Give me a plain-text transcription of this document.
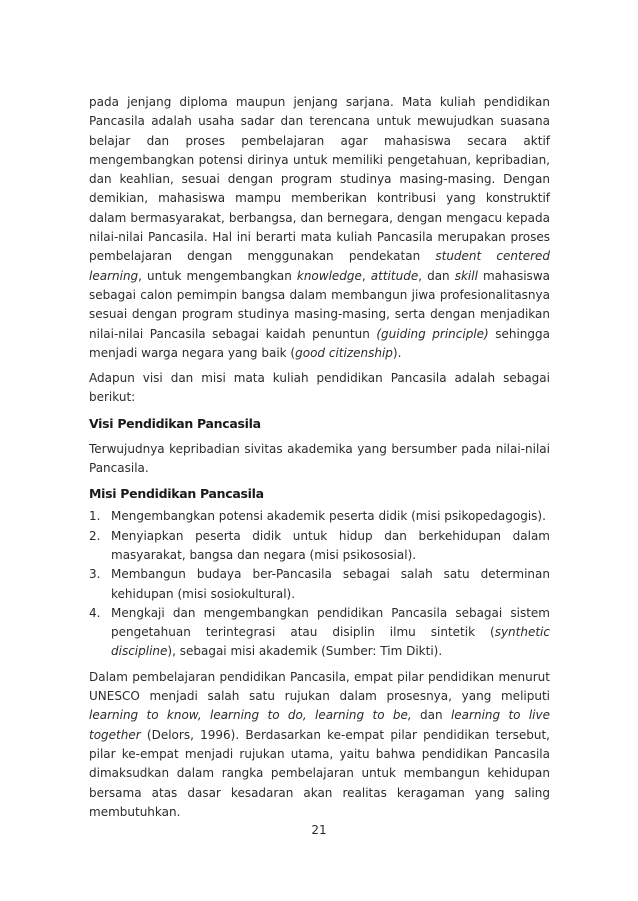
pada jenjang diploma maupun jenjang sarjana. Mata kuliah pendidikan Pancasila adalah usaha sadar dan terencana untuk mewujudkan suasana belajar dan proses pembelajaran agar mahasiswa secara aktif mengembangkan potensi dirinya untuk memiliki pengetahuan, kepribadian, dan keahlian, sesuai dengan program studinya masing-masing. Dengan demikian, mahasiswa mampu memberikan kontribusi yang konstruktif dalam bermasyarakat, berbangsa, dan bernegara, dengan mengacu kepada nilai-nilai Pancasila. Hal ini berarti mata kuliah Pancasila merupakan proses pembelajaran dengan menggunakan pendekatan student centered learning, untuk mengembangkan knowledge, attitude, dan skill mahasiswa sebagai calon pemimpin bangsa dalam membangun jiwa profesionalitasnya sesuai dengan program studinya masing-masing, serta dengan menjadikan nilai-nilai Pancasila sebagai kaidah penuntun (guiding principle) sehingga menjadi warga negara yang baik (good citizenship).

Adapun visi dan misi mata kuliah pendidikan Pancasila adalah sebagai berikut:

Visi Pendidikan Pancasila

Terwujudnya kepribadian sivitas akademika yang bersumber pada nilai-nilai Pancasila.

Misi Pendidikan Pancasila
1. Mengembangkan potensi akademik peserta didik (misi psikopedagogis).
2. Menyiapkan peserta didik untuk hidup dan berkehidupan dalam masyarakat, bangsa dan negara (misi psikososial).
3. Membangun budaya ber-Pancasila sebagai salah satu determinan kehidupan (misi sosiokultural).
4. Mengkaji dan mengembangkan pendidikan Pancasila sebagai sistem pengetahuan terintegrasi atau disiplin ilmu sintetik (synthetic discipline), sebagai misi akademik (Sumber: Tim Dikti).

Dalam pembelajaran pendidikan Pancasila, empat pilar pendidikan menurut UNESCO menjadi salah satu rujukan dalam prosesnya, yang meliputi learning to know, learning to do, learning to be, dan learning to live together (Delors, 1996). Berdasarkan ke-empat pilar pendidikan tersebut, pilar ke-empat menjadi rujukan utama, yaitu bahwa pendidikan Pancasila dimaksudkan dalam rangka pembelajaran untuk membangun kehidupan bersama atas dasar kesadaran akan realitas keragaman yang saling membutuhkan.

21
